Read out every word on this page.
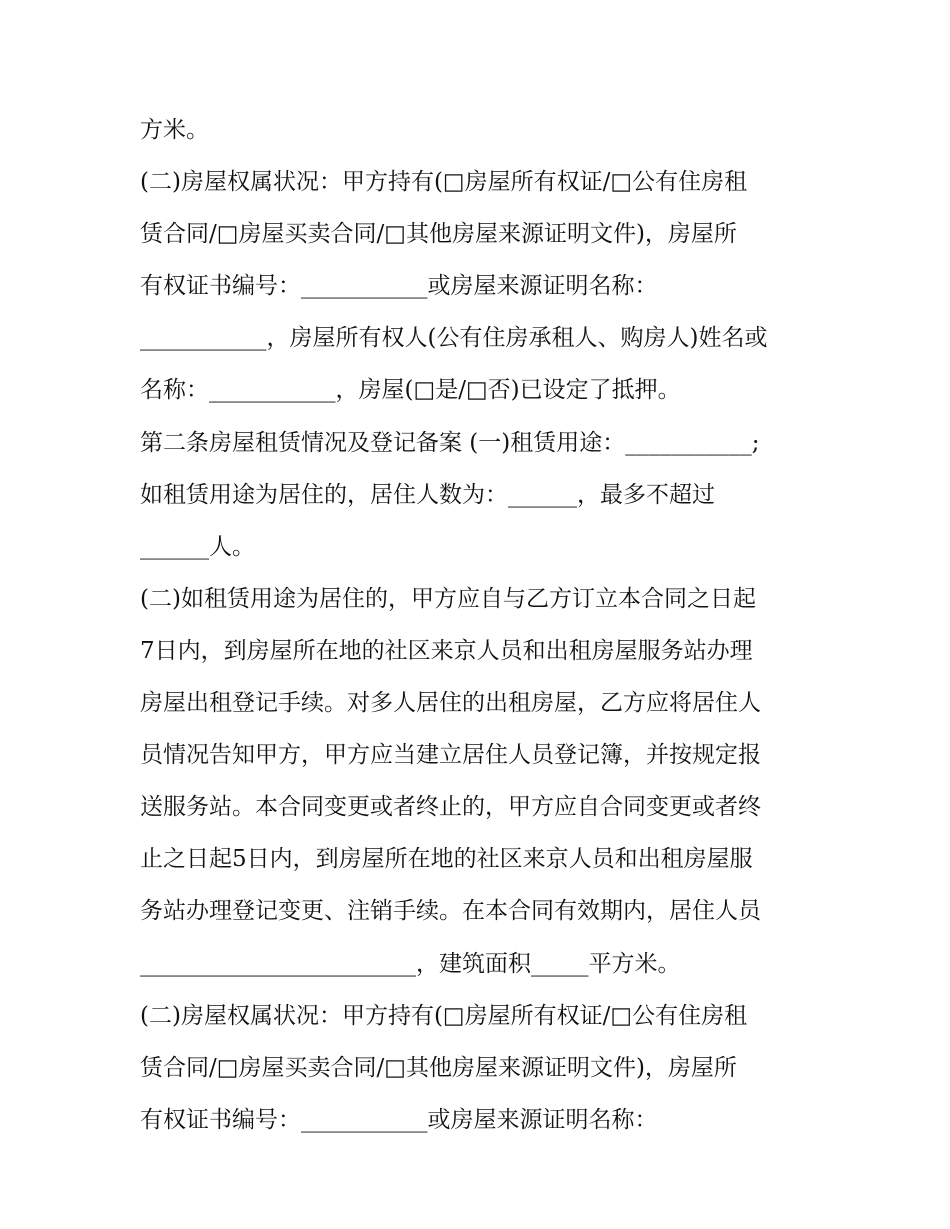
方米。
(二)房屋权属状况：甲方持有(□房屋所有权证/□公有住房租
赁合同/□房屋买卖合同/□其他房屋来源证明文件)，房屋所
有权证书编号：___________或房屋来源证明名称：
___________，房屋所有权人(公有住房承租人、购房人)姓名或
名称：___________，房屋(□是/□否)已设定了抵押。
第二条房屋租赁情况及登记备案 (一)租赁用途：___________;
如租赁用途为居住的，居住人数为：______，最多不超过
______人。
(二)如租赁用途为居住的，甲方应自与乙方订立本合同之日起
7日内，到房屋所在地的社区来京人员和出租房屋服务站办理
房屋出租登记手续。对多人居住的出租房屋，乙方应将居住人
员情况告知甲方，甲方应当建立居住人员登记簿，并按规定报
送服务站。本合同变更或者终止的，甲方应自合同变更或者终
止之日起5日内，到房屋所在地的社区来京人员和出租房屋服
务站办理登记变更、注销手续。在本合同有效期内，居住人员
________________________，建筑面积_____平方米。
(二)房屋权属状况：甲方持有(□房屋所有权证/□公有住房租
赁合同/□房屋买卖合同/□其他房屋来源证明文件)，房屋所
有权证书编号：___________或房屋来源证明名称：
